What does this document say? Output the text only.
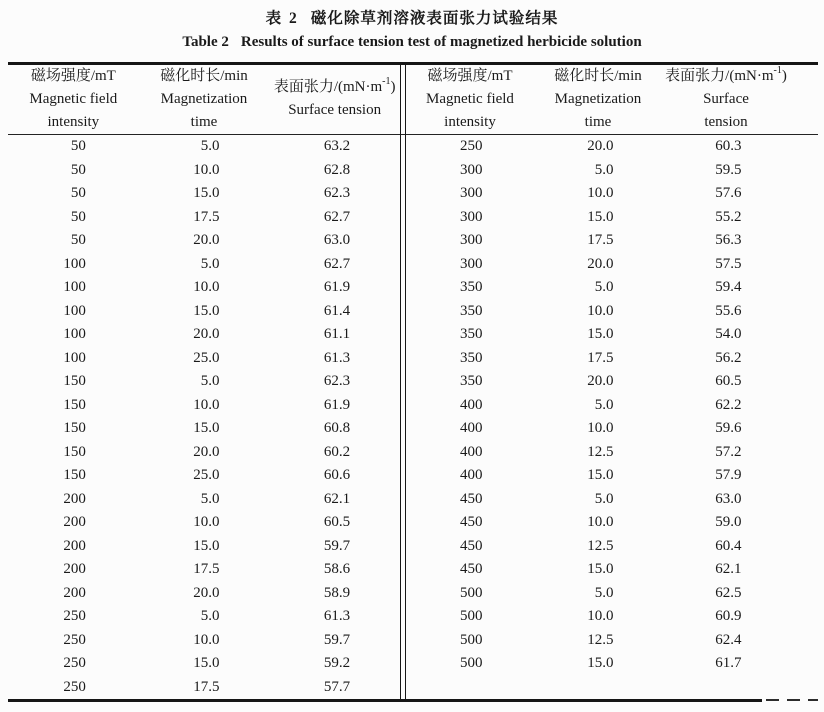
表 2 磁化除草剂溶液表面张力试验结果
Table 2 Results of surface tension test of magnetized herbicide solution
磁场强度/mT
Magnetic field
intensity
磁化时长/min
Magnetization
time
表面张力$/(mN\cdot m^{-1})$
Surface tension
50	5.0	63.2
50	10.0	62.8
50	15.0	62.3
50	17.5	62.7
50	20.0	63.0
100	5.0	62.7
100	10.0	61.9
100	15.0	61.4
100	20.0	61.1
100	25.0	61.3
150	5.0	62.3
150	10.0	61.9
150	15.0	60.8
150	20.0	60.2
150	25.0	60.6
200	5.0	62.1
200	10.0	60.5
200	15.0	59.7
200	17.5	58.6
200	20.0	58.9
250	5.0	61.3
250	10.0	59.7
250	15.0	59.2
250	17.5	57.7
磁场强度/mT
Magnetic field
intensity
磁化时长/min
Magnetization
time
表面张力$/(mN\cdot m^{-1})$
Surface
tension
250	20.0	60.3
300	5.0	59.5
300	10.0	57.6
300	15.0	55.2
300	17.5	56.3
300	20.0	57.5
350	5.0	59.4
350	10.0	55.6
350	15.0	54.0
350	17.5	56.2
350	20.0	60.5
400	5.0	62.2
400	10.0	59.6
400	12.5	57.2
400	15.0	57.9
450	5.0	63.0
450	10.0	59.0
450	12.5	60.4
450	15.0	62.1
500	5.0	62.5
500	10.0	60.9
500	12.5	62.4
500	15.0	61.7
